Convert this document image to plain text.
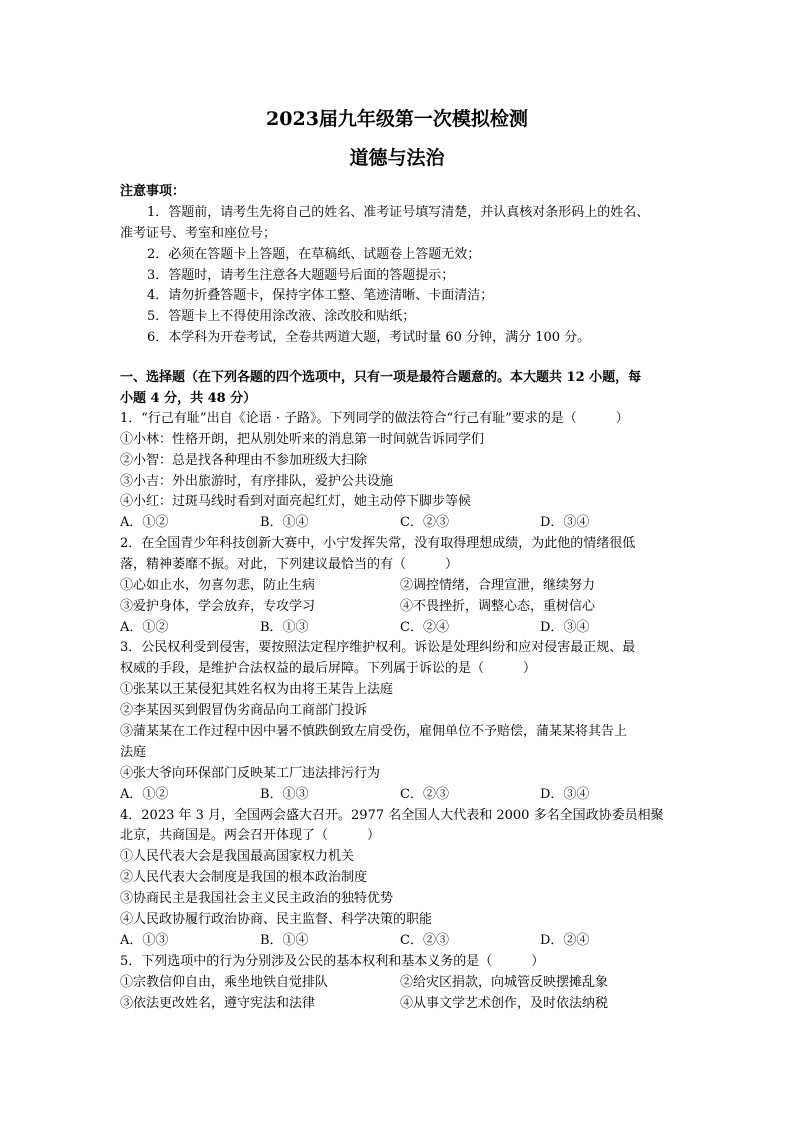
2023届九年级第一次模拟检测
道德与法治
注意事项：
1．答题前，请考生先将自己的姓名、准考证号填写清楚，并认真核对条形码上的姓名、
准考证号、考室和座位号；
2．必须在答题卡上答题，在草稿纸、试题卷上答题无效；
3．答题时，请考生注意各大题题号后面的答题提示；
4．请勿折叠答题卡，保持字体工整、笔迹清晰、卡面清洁；
5．答题卡上不得使用涂改液、涂改胶和贴纸；
6．本学科为开卷考试，全卷共两道大题，考试时量 60 分钟，满分 100 分。
一、选择题（在下列各题的四个选项中，只有一项是最符合题意的。本大题共 12 小题，每
小题 4 分，共 48 分）
1．“行己有耻”出自《论语 · 子路》。下列同学的做法符合“行己有耻”要求的是（　　　）
①小林：性格开朗，把从别处听来的消息第一时间就告诉同学们
②小智：总是找各种理由不参加班级大扫除
③小吉：外出旅游时，有序排队，爱护公共设施
④小红：过斑马线时看到对面亮起红灯，她主动停下脚步等候
A．①②	B．①④	C．②③	D．③④
2．在全国青少年科技创新大赛中，小宁发挥失常，没有取得理想成绩，为此他的情绪很低
落，精神萎靡不振。对此，下列建议最恰当的有（　　　）
①心如止水，勿喜勿悲，防止生病	②调控情绪，合理宣泄，继续努力
③爱护身体，学会放弃，专攻学习	④不畏挫折，调整心态，重树信心
A．①②	B．①③	C．②④	D．③④
3．公民权利受到侵害，要按照法定程序维护权利。诉讼是处理纠纷和应对侵害最正规、最
权威的手段，是维护合法权益的最后屏障。下列属于诉讼的是（　　　）
①张某以王某侵犯其姓名权为由将王某告上法庭
②李某因买到假冒伪劣商品向工商部门投诉
③蒲某某在工作过程中因中暑不慎跌倒致左肩受伤，雇佣单位不予赔偿，蒲某某将其告上
法庭
④张大爷向环保部门反映某工厂违法排污行为
A．①②	B．①③	C．②③	D．③④
4．2023 年 3 月，全国两会盛大召开。2977 名全国人大代表和 2000 多名全国政协委员相聚
北京，共商国是。两会召开体现了（　　　）
①人民代表大会是我国最高国家权力机关
②人民代表大会制度是我国的根本政治制度
③协商民主是我国社会主义民主政治的独特优势
④人民政协履行政治协商、民主监督、科学决策的职能
A．①③	B．①④	C．②③	D．②④
5．下列选项中的行为分别涉及公民的基本权利和基本义务的是（　　　）
①宗教信仰自由，乘坐地铁自觉排队	②给灾区捐款，向城管反映摆摊乱象
③依法更改姓名，遵守宪法和法律	④从事文学艺术创作，及时依法纳税
